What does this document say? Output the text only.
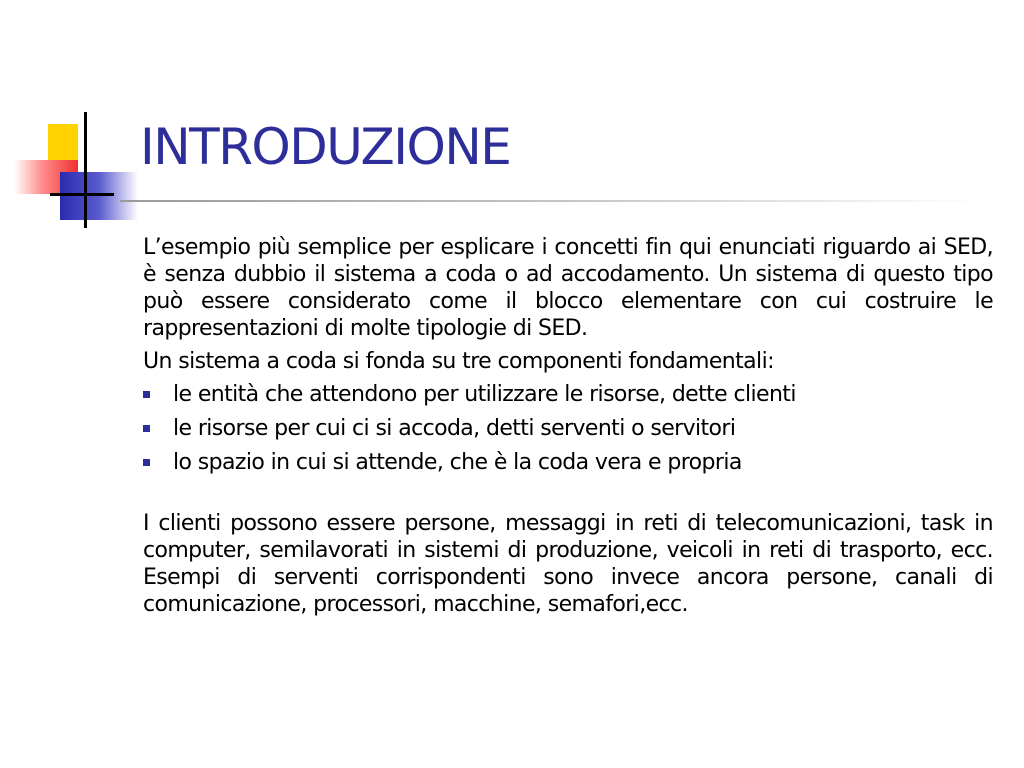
INTRODUZIONE

L’esempio più semplice per esplicare i concetti fin qui enunciati riguardo ai SED, è senza dubbio il sistema a coda o ad accodamento. Un sistema di questo tipo può essere considerato come il blocco elementare con cui costruire le rappresentazioni di molte tipologie di SED.

Un sistema a coda si fonda su tre componenti fondamentali:

le entità che attendono per utilizzare le risorse, dette clienti
le risorse per cui ci si accoda, detti serventi o servitori
lo spazio in cui si attende, che è la coda vera e propria

I clienti possono essere persone, messaggi in reti di telecomunicazioni, task in computer, semilavorati in sistemi di produzione, veicoli in reti di trasporto, ecc. Esempi di serventi corrispondenti sono invece ancora persone, canali di comunicazione, processori, macchine, semafori,ecc.
